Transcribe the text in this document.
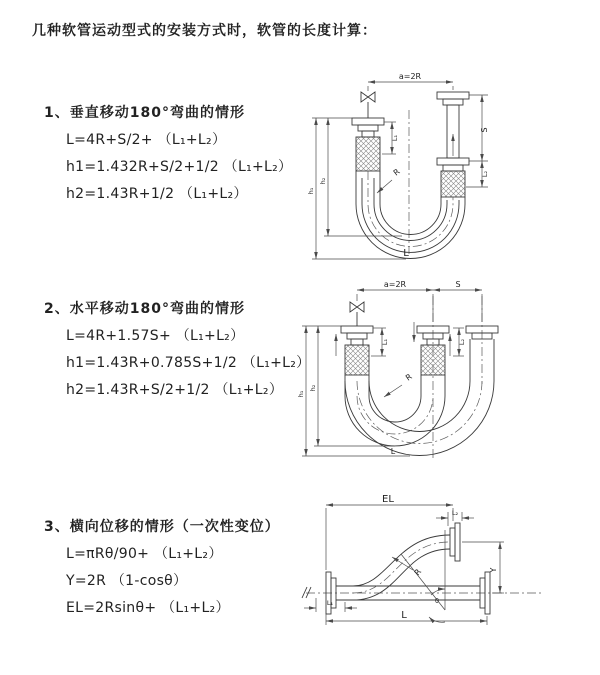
几种软管运动型式的安装方式时，软管的长度计算：
1、垂直移动180°弯曲的情形

L=4R+S/2+ （L₁+L₂）

h1=1.432R+S/2+1/2 （L₁+L₂）

h2=1.43R+1/2 （L₁+L₂）

2、水平移动180°弯曲的情形

L=4R+1.57S+ （L₁+L₂）

h1=1.43R+0.785S+1/2 （L₁+L₂）

h2=1.43R+S/2+1/2 （L₁+L₂）

3、横向位移的情形（一次性变位）

L=πRθ/90+ （L₁+L₂）

Y=2R （1-cosθ）

EL=2Rsinθ+ （L₁+L₂）

a=2R
R
h₁
h₂
S
L₂
L₁
L
a=2R	S
R
h₁
h₂
L₁	L₂
L
θ
R
EL
L₂
Y
L₁
L
